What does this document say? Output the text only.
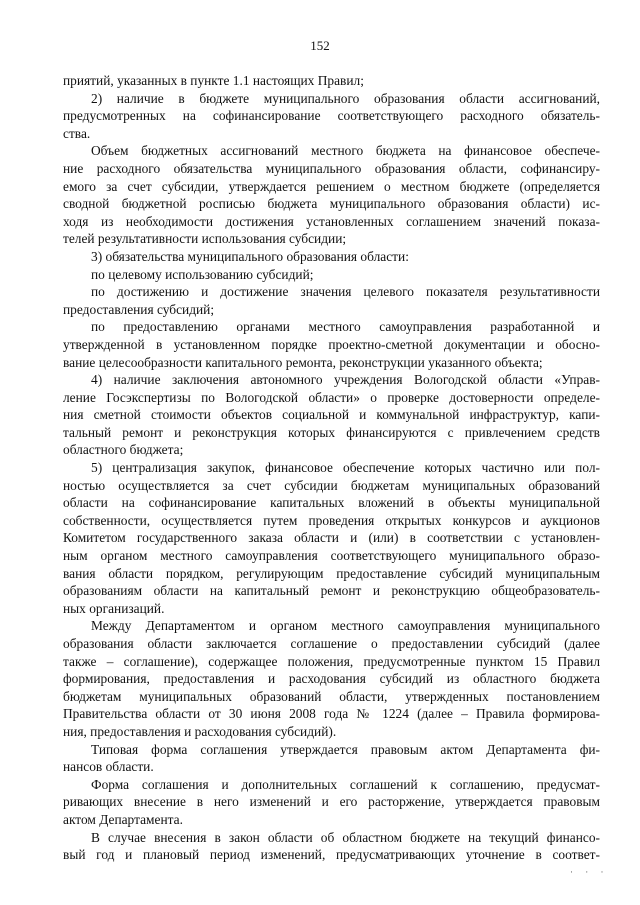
152
приятий, указанных в пункте 1.1 настоящих Правил;
2) наличие в бюджете муниципального образования области ассигнований,
предусмотренных на софинансирование соответствующего расходного обязатель-
ства.
Объем бюджетных ассигнований местного бюджета на финансовое обеспече-
ние расходного обязательства муниципального образования области, софинансиру-
емого за счет субсидии, утверждается решением о местном бюджете (определяется
сводной бюджетной росписью бюджета муниципального образования области) ис-
ходя из необходимости достижения установленных соглашением значений показа-
телей результативности использования субсидии;
3) обязательства муниципального образования области:
по целевому использованию субсидий;
по достижению и достижение значения целевого показателя результативности
предоставления субсидий;
по предоставлению органами местного самоуправления разработанной и
утвержденной в установленном порядке проектно-сметной документации и обосно-
вание целесообразности капитального ремонта, реконструкции указанного объекта;
4) наличие заключения автономного учреждения Вологодской области «Управ-
ление Госэкспертизы по Вологодской области» о проверке достоверности определе-
ния сметной стоимости объектов социальной и коммунальной инфраструктур, капи-
тальный ремонт и реконструкция которых финансируются с привлечением средств
областного бюджета;
5) централизация закупок, финансовое обеспечение которых частично или пол-
ностью осуществляется за счет субсидии бюджетам муниципальных образований
области на софинансирование капитальных вложений в объекты муниципальной
собственности, осуществляется путем проведения открытых конкурсов и аукционов
Комитетом государственного заказа области и (или) в соответствии с установлен-
ным органом местного самоуправления соответствующего муниципального образо-
вания области порядком, регулирующим предоставление субсидий муниципальным
образованиям области на капитальный ремонт и реконструкцию общеобразователь-
ных организаций.
Между Департаментом и органом местного самоуправления муниципального
образования области заключается соглашение о предоставлении субсидий (далее
также – соглашение), содержащее положения, предусмотренные пунктом 15 Правил
формирования, предоставления и расходования субсидий из областного бюджета
бюджетам муниципальных образований области, утвержденных постановлением
Правительства области от 30 июня 2008 года № 1224 (далее – Правила формирова-
ния, предоставления и расходования субсидий).
Типовая форма соглашения утверждается правовым актом Департамента фи-
нансов области.
Форма соглашения и дополнительных соглашений к соглашению, предусмат-
ривающих внесение в него изменений и его расторжение, утверждается правовым
актом Департамента.
В случае внесения в закон области об областном бюджете на текущий финансо-
вый год и плановый период изменений, предусматривающих уточнение в соответ-
· · ·
